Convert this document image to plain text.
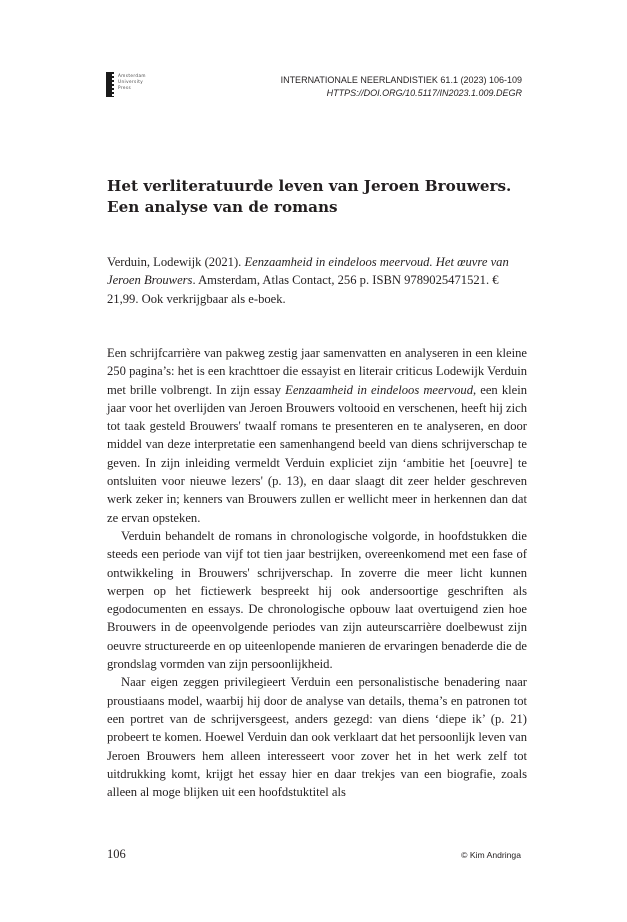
Amsterdam
University
Press
INTERNATIONALE NEERLANDISTIEK 61.1 (2023) 106-109
HTTPS://DOI.ORG/10.5117/IN2023.1.009.DEGR
Het verliteratuurde leven van Jeroen Brouwers. Een analyse van de romans

Verduin, Lodewijk (2021). Eenzaamheid in eindeloos meervoud. Het œuvre van Jeroen Brouwers. Amsterdam, Atlas Contact, 256 p. ISBN 9789025471521. € 21,99. Ook verkrijgbaar als e-boek.

Een schrijfcarrière van pakweg zestig jaar samenvatten en analyseren in een kleine 250 pagina’s: het is een krachttoer die essayist en literair criticus Lodewijk Verduin met brille volbrengt. In zijn essay Eenzaamheid in eindeloos meervoud, een klein jaar voor het overlijden van Jeroen Brouwers voltooid en verschenen, heeft hij zich tot taak gesteld Brouwers' twaalf romans te presenteren en te analyseren, en door middel van deze interpretatie een samenhangend beeld van diens schrijverschap te geven. In zijn inleiding vermeldt Verduin expliciet zijn ‘ambitie het [oeuvre] te ontsluiten voor nieuwe lezers' (p. 13), en daar slaagt dit zeer helder geschreven werk zeker in; kenners van Brouwers zullen er wellicht meer in herkennen dan dat ze ervan opsteken.

Verduin behandelt de romans in chronologische volgorde, in hoofdstukken die steeds een periode van vijf tot tien jaar bestrijken, overeenkomend met een fase of ontwikkeling in Brouwers' schrijverschap. In zoverre die meer licht kunnen werpen op het fictiewerk bespreekt hij ook andersoortige geschriften als egodocumenten en essays. De chronologische opbouw laat overtuigend zien hoe Brouwers in de opeenvolgende periodes van zijn auteurscarrière doelbewust zijn oeuvre structureerde en op uiteenlopende manieren de ervaringen benaderde die de grondslag vormden van zijn persoonlijkheid.

Naar eigen zeggen privilegieert Verduin een personalistische benadering naar proustiaans model, waarbij hij door de analyse van details, thema’s en patronen tot een portret van de schrijversgeest, anders gezegd: van diens ‘diepe ik’ (p. 21) probeert te komen. Hoewel Verduin dan ook verklaart dat het persoonlijk leven van Jeroen Brouwers hem alleen interesseert voor zover het in het werk zelf tot uitdrukking komt, krijgt het essay hier en daar trekjes van een biografie, zoals alleen al moge blijken uit een hoofdstuktitel als

106	© Kim Andringa
